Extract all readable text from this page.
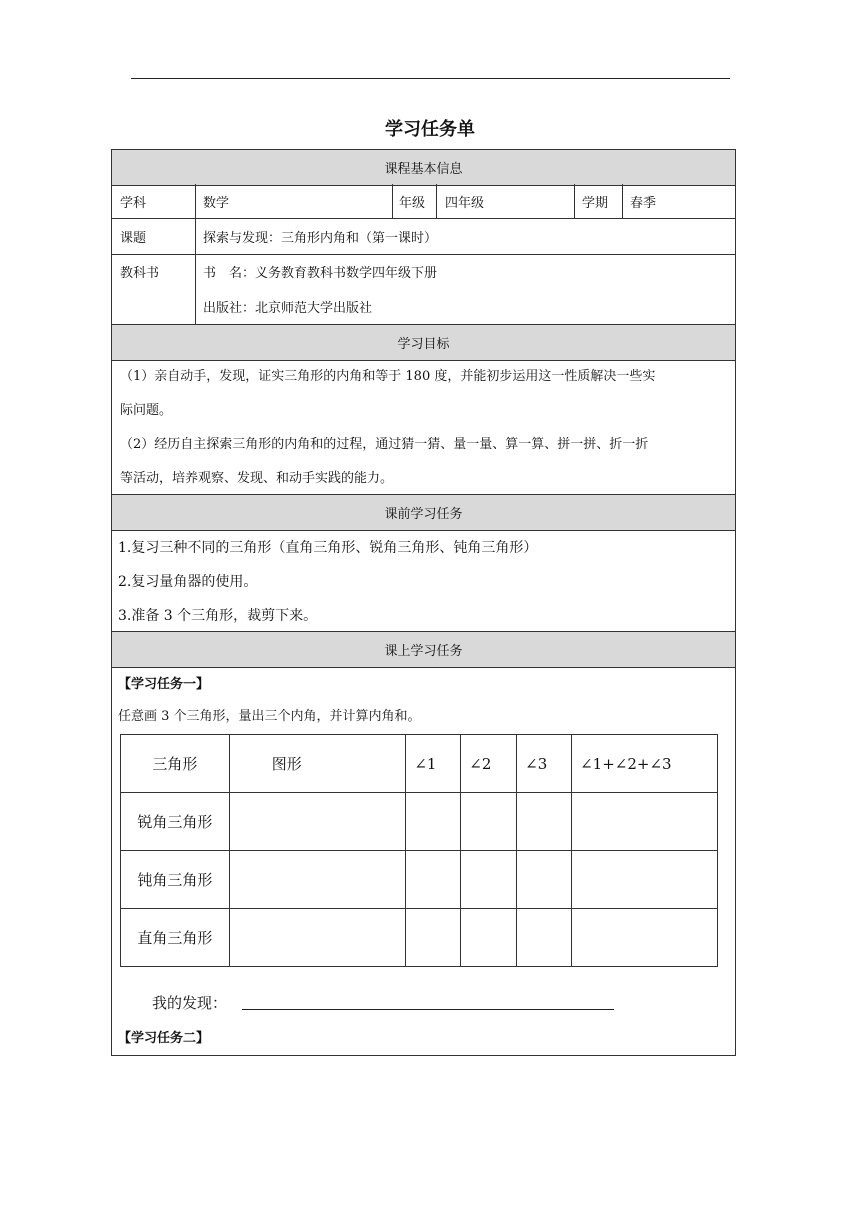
学习任务单
课程基本信息
学科	数学	年级 四年级	学期 春季
课题	探索与发现：三角形内角和（第一课时）
教科书	书　名：义务教育教科书数学四年级下册
出版社：北京师范大学出版社
学习目标
（1）亲自动手，发现，证实三角形的内角和等于 180 度，并能初步运用这一性质解决一些实
际问题。
（2）经历自主探索三角形的内角和的过程，通过猜一猜、量一量、算一算、拼一拼、折一折
等活动，培养观察、发现、和动手实践的能力。
课前学习任务
1.复习三种不同的三角形（直角三角形、锐角三角形、钝角三角形）
2.复习量角器的使用。
3.准备 3 个三角形，裁剪下来。
课上学习任务
【学习任务一】
任意画 3 个三角形，量出三个内角，并计算内角和。
三角形	图形	∠1	∠2	∠3	∠1+∠2+∠3
锐角三角形					
钝角三角形					
直角三角形					
我的发现：
【学习任务二】
